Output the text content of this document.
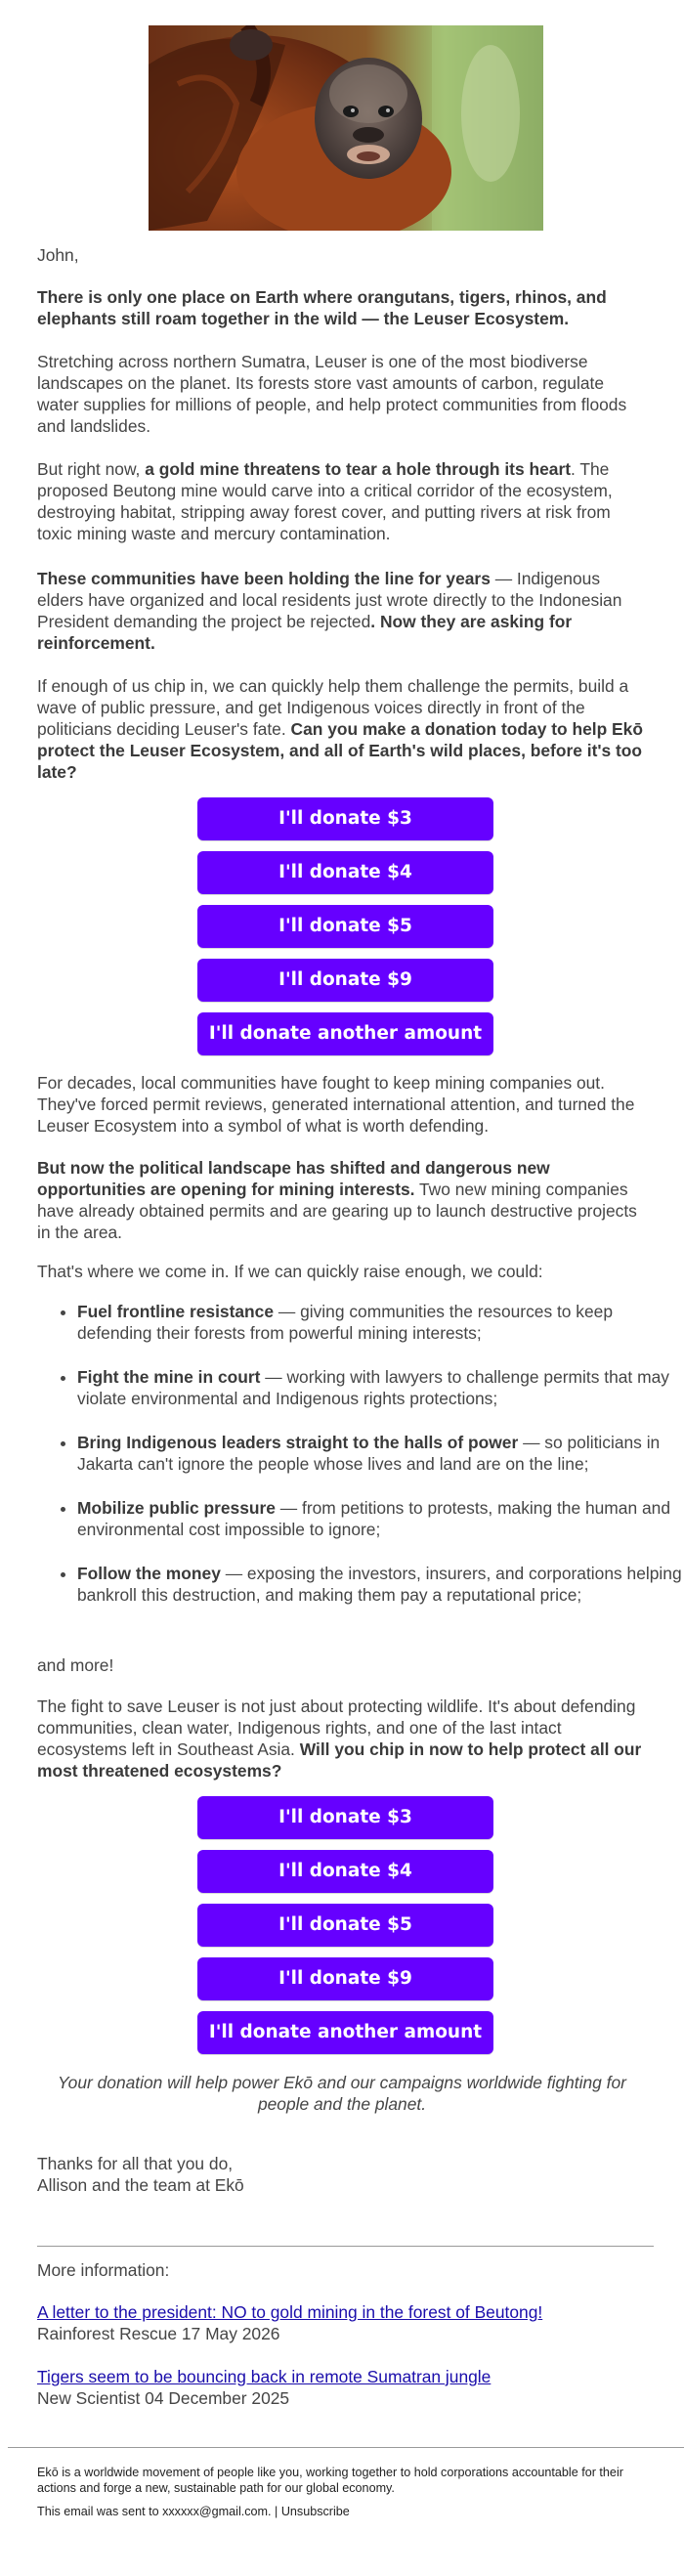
John,
There is only one place on Earth where orangutans, tigers, rhinos, and elephants still roam together in the wild — the Leuser Ecosystem.
Stretching across northern Sumatra, Leuser is one of the most biodiverse landscapes on the planet. Its forests store vast amounts of carbon, regulate water supplies for millions of people, and help protect communities from floods and landslides.
But right now, a gold mine threatens to tear a hole through its heart. The proposed Beutong mine would carve into a critical corridor of the ecosystem, destroying habitat, stripping away forest cover, and putting rivers at risk from toxic mining waste and mercury contamination.
These communities have been holding the line for years — Indigenous elders have organized and local residents just wrote directly to the Indonesian President demanding the project be rejected. Now they are asking for reinforcement.
If enough of us chip in, we can quickly help them challenge the permits, build a wave of public pressure, and get Indigenous voices directly in front of the politicians deciding Leuser's fate. Can you make a donation today to help Ekō protect the Leuser Ecosystem, and all of Earth's wild places, before it's too late?
I'll donate $3
I'll donate $4
I'll donate $5
I'll donate $9
I'll donate another amount
For decades, local communities have fought to keep mining companies out. They've forced permit reviews, generated international attention, and turned the Leuser Ecosystem into a symbol of what is worth defending.
But now the political landscape has shifted and dangerous new opportunities are opening for mining interests. Two new mining companies have already obtained permits and are gearing up to launch destructive projects in the area.
That's where we come in. If we can quickly raise enough, we could:
• Fuel frontline resistance — giving communities the resources to keep defending their forests from powerful mining interests;
• Fight the mine in court — working with lawyers to challenge permits that may violate environmental and Indigenous rights protections;
• Bring Indigenous leaders straight to the halls of power — so politicians in Jakarta can't ignore the people whose lives and land are on the line;
• Mobilize public pressure — from petitions to protests, making the human and environmental cost impossible to ignore;
• Follow the money — exposing the investors, insurers, and corporations helping bankroll this destruction, and making them pay a reputational price;
and more!
The fight to save Leuser is not just about protecting wildlife. It's about defending communities, clean water, Indigenous rights, and one of the last intact ecosystems left in Southeast Asia. Will you chip in now to help protect all our most threatened ecosystems?
I'll donate $3
I'll donate $4
I'll donate $5
I'll donate $9
I'll donate another amount
Your donation will help power Ekō and our campaigns worldwide fighting for people and the planet.
Thanks for all that you do,
Allison and the team at Ekō
More information:
A letter to the president: NO to gold mining in the forest of Beutong!
Rainforest Rescue 17 May 2026
Tigers seem to be bouncing back in remote Sumatran jungle
New Scientist 04 December 2025
Ekō is a worldwide movement of people like you, working together to hold corporations accountable for their actions and forge a new, sustainable path for our global economy.
This email was sent to xxxxxx@gmail.com. | Unsubscribe
